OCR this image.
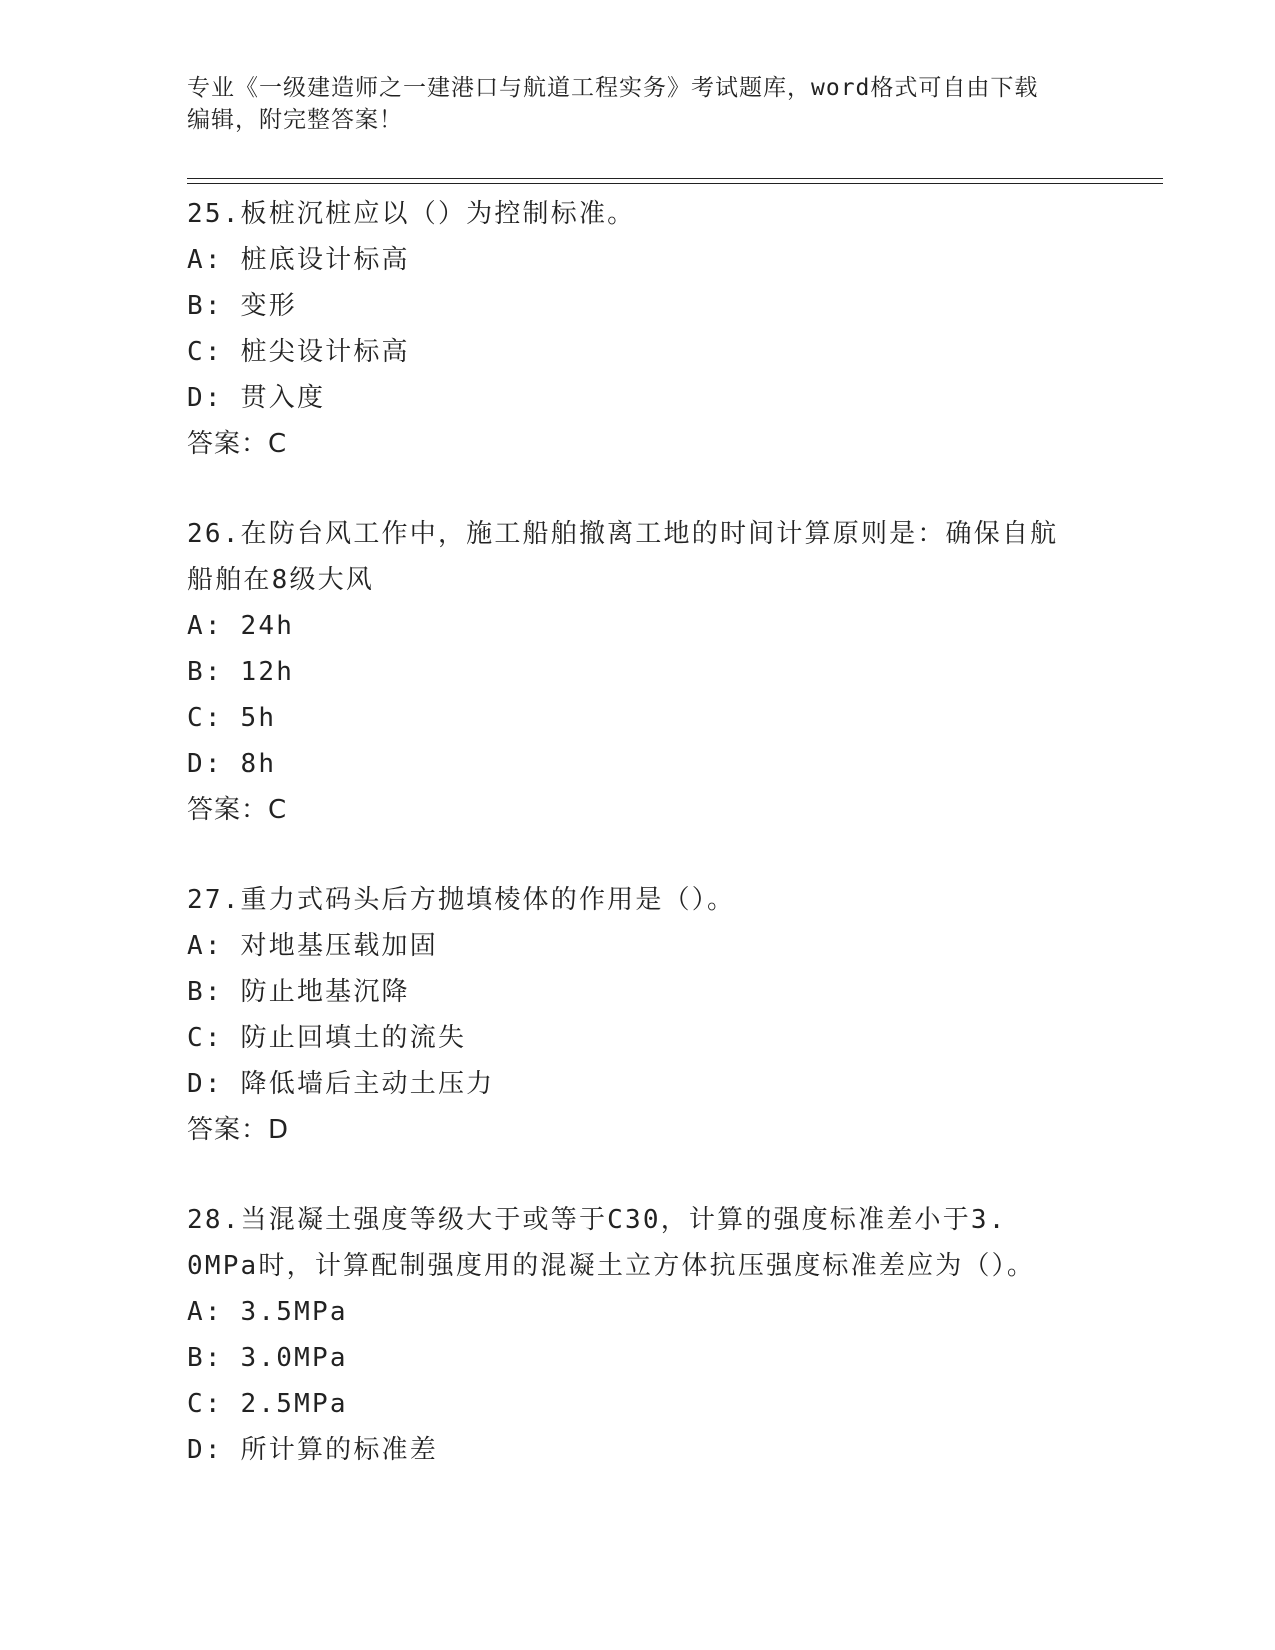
专业《一级建造师之一建港口与航道工程实务》考试题库，word格式可自由下载
编辑，附完整答案！
25.板桩沉桩应以（）为控制标准。
A: 桩底设计标高
B: 变形
C: 桩尖设计标高
D: 贯入度
答案：C
26.在防台风工作中，施工船舶撤离工地的时间计算原则是：确保自航
船舶在8级大风
A: 24h
B: 12h
C: 5h
D: 8h
答案：C
27.重力式码头后方抛填棱体的作用是（）。
A: 对地基压载加固
B: 防止地基沉降
C: 防止回填土的流失
D: 降低墙后主动土压力
答案：D
28.当混凝土强度等级大于或等于C30，计算的强度标准差小于3.
0MPa时，计算配制强度用的混凝土立方体抗压强度标准差应为（）。
A: 3.5MPa
B: 3.0MPa
C: 2.5MPa
D: 所计算的标准差
